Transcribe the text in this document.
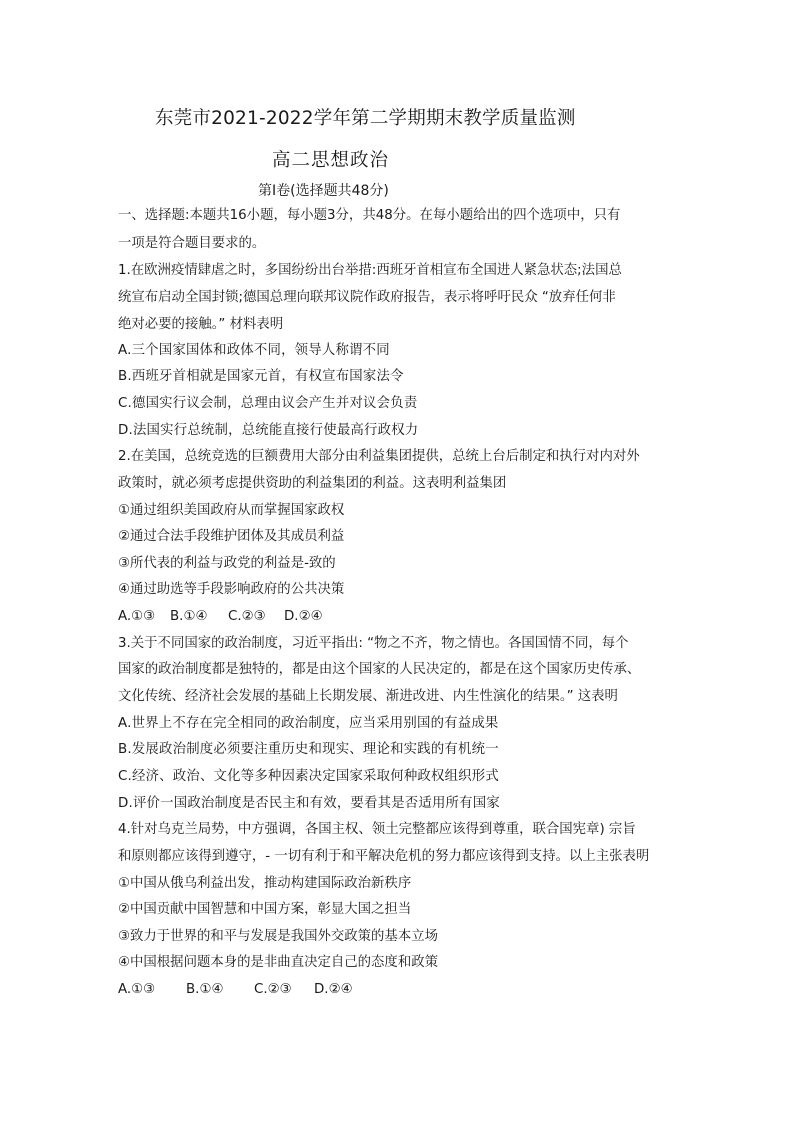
东莞市2021-2022学年第二学期期末教学质量监测
高二思想政治
第Ⅰ卷(选择题共48分)
一、选择题:本题共16小题，每小题3分，共48分。在每小题给出的四个选项中，只有
一项是符合题目要求的。
1.在欧洲疫情肆虐之时，多国纷纷出台举措:西班牙首相宣布全国进人紧急状态;法国总
统宣布启动全国封锁;德国总理向联邦议院作政府报告，表示将呼吁民众 “放弃任何非
绝对必要的接触。” 材料表明
A.三个国家国体和政体不同，领导人称谓不同
B.西班牙首相就是国家元首，有权宣布国家法令
C.德国实行议会制，总理由议会产生并对议会负责
D.法国实行总统制，总统能直接行使最高行政权力
2.在美国，总统竞选的巨额费用大部分由利益集团提供，总统上台后制定和执行对内对外
政策时，就必须考虑提供资助的利益集团的利益。这表明利益集团
①通过组织美国政府从而掌握国家政权
②通过合法手段维护团体及其成员利益
③所代表的利益与政党的利益是-致的
④通过助选等手段影响政府的公共决策
A.①③ B.①④ C.②③ D.②④
3.关于不同国家的政治制度，习近平指出: “物之不齐，物之情也。各国国情不同，每个
国家的政治制度都是独特的，都是由这个国家的人民决定的，都是在这个国家历史传承、
文化传统、经济社会发展的基础上长期发展、渐进改进、内生性演化的结果。” 这表明
A.世界上不存在完全相同的政治制度，应当采用别国的有益成果
B.发展政治制度必须要注重历史和现实、理论和实践的有机统一
C.经济、政治、文化等多种因素决定国家采取何种政权组织形式
D.评价一国政治制度是否民主和有效，要看其是否适用所有国家
4.针对乌克兰局势，中方强调，各国主权、领土完整都应该得到尊重，联合国宪章) 宗旨
和原则都应该得到遵守，- 一切有利于和平解决危机的努力都应该得到支持。以上主张表明
①中国从俄乌利益出发，推动构建国际政治新秩序
②中国贡献中国智慧和中国方案，彰显大国之担当
③致力于世界的和平与发展是我国外交政策的基本立场
④中国根据问题本身的是非曲直决定自己的态度和政策
A.①③ B.①④ C.②③ D.②④
